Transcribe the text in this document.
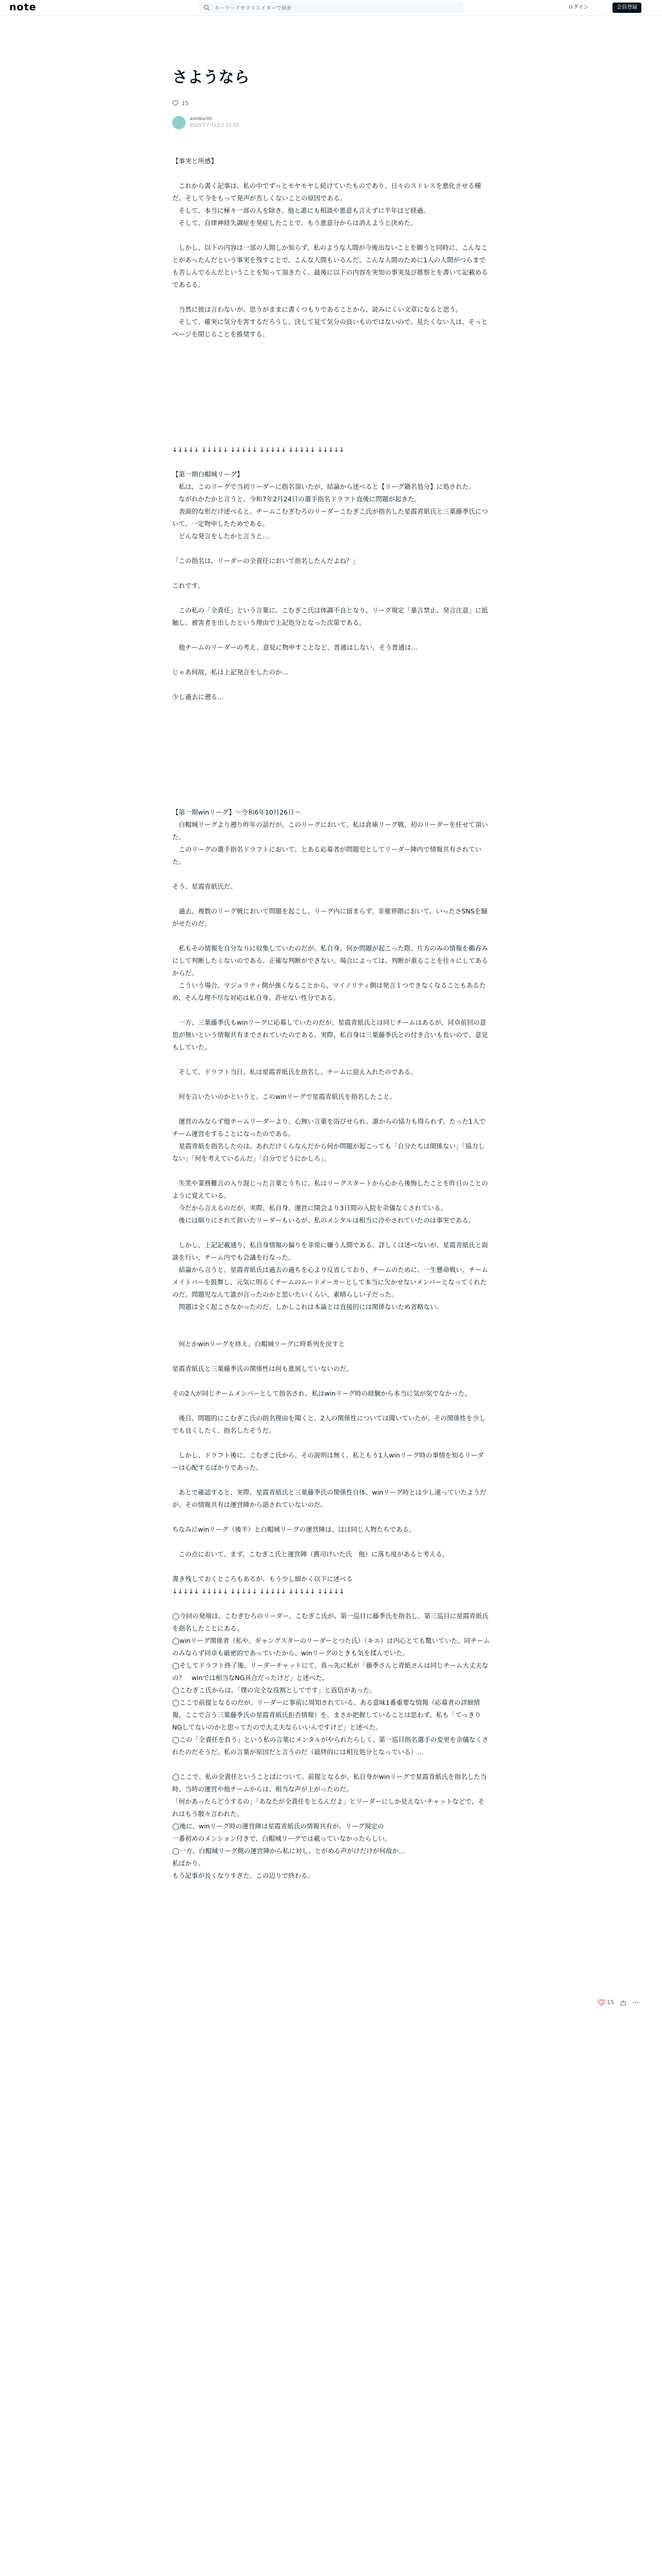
note
キーワードやクリエイターで検索	ログイン	会員登録
さようなら
15
asiokuroh
2025年7月12日 11:57

【事実と所感】

　これから書く記事は、私の中でずっとモヤモヤし続けていたものであり、日々のストレスを悪化させる種だ。そして今をもって発声が苦しくないことの原因である。

　そして、本当に極々一部の人を除き、他と誰にも相談や悪意も言えずに半年ほど経過。

　そして、自律神経失調症を発症したことで、もう悪意分からは消えようと決めた。

　しかし、以下の内容は一部の人間しか知らず、私のような人間が今後出ないことを願うと同時に、こんなことがあったんだという事実を残すことで、こんな人間もいるんだ、こんな人間のために1人の人間がつらまでも苦しんでるんだということを知って頂きたく、最後に以下の内容を実知の事実及び推察とを書いて記載めるであるる。

　当然に彼は言わないが、思うがままに書くつもりであることから、読みにくい文章になると思う。

　そして、確実に気分を害するだろうし、決して見て気分の良いものではないので、見たくない人は、そっとページを閉じることを推奨する。

↓↓↓↓↓ ↓↓↓↓↓ ↓↓↓↓↓ ↓↓↓↓↓ ↓↓↓↓↓ ↓↓↓↓↓

【第一期白帽城リーグ】

　私は、このリーグで当初リーダーに指名頂いたが、結論から述べると【リーグ籍名処分】に処された。

　ながれかたかと言うと、今和7年2月24日の選手指名ドラフト直後に問題が起きた。

　表面的な形だけ述べると、チームこむぎむろのリーダーこむぎこ氏が指名した星霞青紙氏と三葉藤季氏について、一定物申したためである。

　どんな発言をしたかと言うと…

「この指名は、リーダーの全責任において指名したんだよね？」

これです。

　この私の「全責任」という言葉に、こむぎこ氏は体調不良となり、リーグ規定「暴言禁止、発言注意」に抵触し、被害者を出したという理由で上記処分となった次第である。

　他チームのリーダーの考え、意見に物申すことなど、普通はしない、そう普通は…

じゃあ何故、私は上記発言をしたのか…

少し過去に遡る…

【第一期winリーグ】～令和6年10月26日～

　白帽城リーグより遡り昨年の話だが、このリーグにおいて、私は倉庫リーグ戦、初のリーダーを任せて頂いた。

　このリーグの選手指名ドラフトにおいて、とある応募者が問題児としてリーダー陣内で情報共有されていた。

そう、星霞青紙氏だ。

　過去、複数のリーグ戦において問題を起こし、リーグ内に留まらず、非催界隈において、いったさSNSを騒がせたのだ。

　私もその情報を自分なりに収集していたのだが、私自身、何か問題が起こった際、片方のみの情報を鵜呑みにして判断したくないのである。正確な判断ができない。場合によっては、判断が重ることを往々にしてあるからだ。

　こういう場合、マジョリティ側が強くなることから、マイノリティ側は発言１つできなくなることもあるため、そんな理不尽な対応は私自身、許せない性分である。

　一方、三葉藤季氏もwinリーグに応募していたのだが、星霞青紙氏とは同じチームはあるが、同卓前回の意思が無いという情報共有までされていたのである。実際、私自身は三葉藤季氏との付き合いも長いので、意見もしていた。

　そして、ドラフト当日、私は星霞青紙氏を指名し、チームに迎え入れたのである。

　何を言いたいのかというと、このwinリーグで星霞青紙氏を指名したこと。

　運営のみならず他チームリーダーより、心無い言葉を浴びせられ、誰からの協力も得られず、たった1人でチーム運営をすることになったのである。

　星霞青紙を指名したのは、あれだけくらなんだから何か問題が起こっても「自分たちは関係ない」「協力しない」「何を考えているんだ」「自分でどうにかしろ」。

　失笑や業務難言の入り混じった言葉とうちに、私はリーグスタートから心から後悔したことを昨日のことのように覚えている。

　今だから言えるのだが、実際、私自身、運営に開会より3日間の入院を余儀なくされている。

　後には細りにされて辞いたリーダーもいるが、私のメンタルは相当に冷やされていたのは事実である。

　しかし、上記記載通り、私自身情報の偏りを非常に嫌う人間である。詳しくは述べないが、星霞青紙氏と面談を行い、チーム内でも会議を行なった。

　結論から言うと、星霞青紙氏は過去の過ちを心より反省しており、チームのために、一生懸命戦い、チームメイトバーを鼓舞し、元気に明るくチームのムードメーカーとして本当に欠かせないメンバーとなってくれたのだ。問題児なんて誰が言ったのかと思いたいくらい、素晴らしい子だった。

　問題は全く起こさなかったのだ。しかしこれは本論とは直接的には関係ないため省略ない。

　何とかwinリーグを終え、白帽城リーグに時系列を戻すと

星霞青紙氏と三葉藤季氏の関係性は何も進展していないのだ。

その2人が同じチームメンバーとして指名され、私はwinリーグ時の経験から本当に気が気でなかった。

　後日、問題的にこむぎこ氏の指名理由を聞くと、2人の関係性については聞いていたが、その関係性を少しでも良くしたく、指名したそうだ。

　しかし、ドラフト後に、こむぎこ氏から、その説明は無く、私ともう1人winリーグ時の事情を知るリーダーは心配するばかりであった。

　あとで確認すると、実際、星霞青紙氏と三葉藤季氏の関係性自体、winリーグ時とは少し違っていたようだが、その情報共有は運営陣から語されていないのだ。

ちなみにwinリーグ（後半）と白帽城リーグの運営陣は、ほぼ同じ人物たちである。

　この点において、まず、こむぎこ氏と運営陣（薦司けいた氏　他）に落ち度があると考える。

書き残しておくところもあるが、もう少し細かく以下に述べる

↓↓↓↓↓ ↓↓↓↓↓ ↓↓↓↓↓ ↓↓↓↓↓ ↓↓↓↓↓ ↓↓↓↓↓

◯今回の発端は、こむぎむろのリーダー、こむぎこ氏が、第一巡目に藤季氏を指名し、第三巡目に星霞青紙氏を指名したことにある。

◯winリーグ関係者（私や、ギャングスターのリーダーとつた氏）（キエ）は内心とても驚いていた。同チームのみならず同卓も厳密的であっていたから、winリーグのときも気を揉んでいた。

◯そしてドラフト終了後、リーダーチャットにて、真っ先に私が「藤季さんと青紙さんは同じチーム大丈夫なの？　winでは相当なNG具合だったけど」と述べた。

◯こむぎこ氏からは、「僕の完全な役割としてです」と返信があった。

◯ここで前提となるのだが、リーダーに事前に周知されている、ある意味1番重要な情報（応募者の詳細情報、ここで言う三葉藤季氏の星霞青紙氏拒否情報）を、まさか把握していることは思わず、私も「てっきりNGしてないのかと思ってたので大丈夫ならいいんですけど」と述べた。

◯この「全責任を負う」という私の言葉にメンタルがやられたらしく、第一巡目指名選手の変更を余儀なくされたのだそうだ。私の言葉が原因だと言うのだ（最終的には相互処分となっている）…

◯ここで、私の全責任ということばについて。前提となるが、私自身がwinリーグで星霞青紙氏を指名した当時、当時の運営や他チームからは、相当な声が上がったのだ。

「何かあったらどうするの」「あなたが全責任をとるんだよ」とリーダーにしか見えないチャットなどで、それはもう散々言われた。

◯後に、winリーグ時の運営陣は星霞青紙氏の情報共有が、リーグ規定の

一番初めのメンション付きで、白帽城リーグでは載っていなかったらしい。

◯一方、白帽城リーグ側の運営陣から私に対し、とがめる声がけだけが何故か…

私ばかり。

もう記事が長くなりすぎた、この辺りで終わる。

15
